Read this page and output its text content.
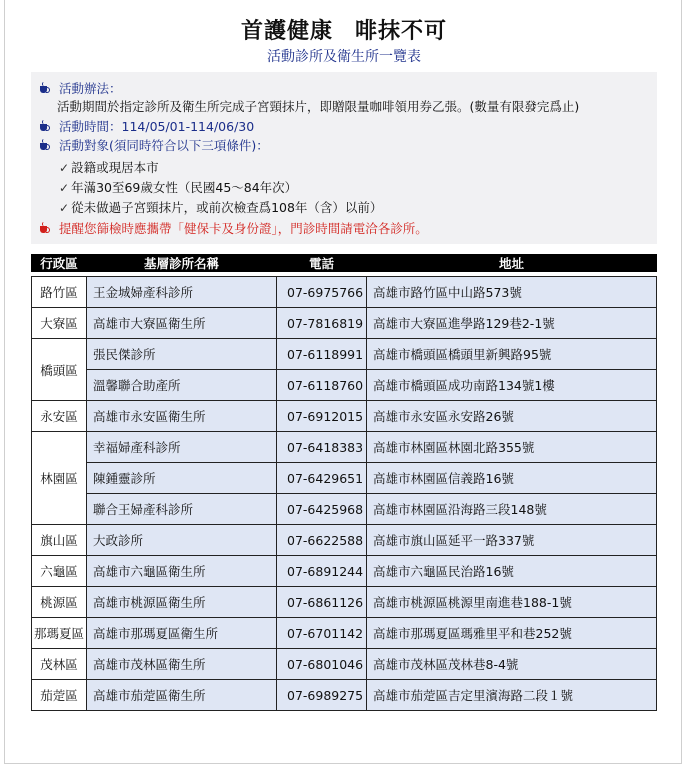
首護健康 啡抹不可
活動診所及衛生所一覽表
活動辦法：
活動期間於指定診所及衛生所完成子宮頸抹片，即贈限量咖啡領用券乙張。(數量有限發完爲止)
活動時間：114/05/01-114/06/30
活動對象(須同時符合以下三項條件)：
✓ 設籍或現居本市
✓ 年滿30至69歲女性（民國45～84年次）
✓ 從未做過子宮頸抹片，或前次檢查爲108年（含）以前）
提醒您篩檢時應攜帶「健保卡及身份證」，門診時間請電洽各診所。
行政區	基層診所名稱	電話	地址

路竹區	王金城婦產科診所	07-6975766	高雄市路竹區中山路573號
大寮區	高雄市大寮區衛生所	07-7816819	高雄市大寮區進學路129巷2-1號
橋頭區	張民傑診所	07-6118991	高雄市橋頭區橋頭里新興路95號
	溫馨聯合助產所	07-6118760	高雄市橋頭區成功南路134號1樓
永安區	高雄市永安區衛生所	07-6912015	高雄市永安區永安路26號
林園區	幸福婦產科診所	07-6418383	高雄市林園區林園北路355號
	陳鍾靈診所	07-6429651	高雄市林園區信義路16號
	聯合王婦產科診所	07-6425968	高雄市林園區沿海路三段148號
旗山區	大政診所	07-6622588	高雄市旗山區延平一路337號
六龜區	高雄市六龜區衛生所	07-6891244	高雄市六龜區民治路16號
桃源區	高雄市桃源區衛生所	07-6861126	高雄市桃源區桃源里南進巷188-1號
那瑪夏區	高雄市那瑪夏區衛生所	07-6701142	高雄市那瑪夏區瑪雅里平和巷252號
茂林區	高雄市茂林區衛生所	07-6801046	高雄市茂林區茂林巷8-4號
茄萣區	高雄市茄萣區衛生所	07-6989275	高雄市茄萣區吉定里濱海路二段１號
